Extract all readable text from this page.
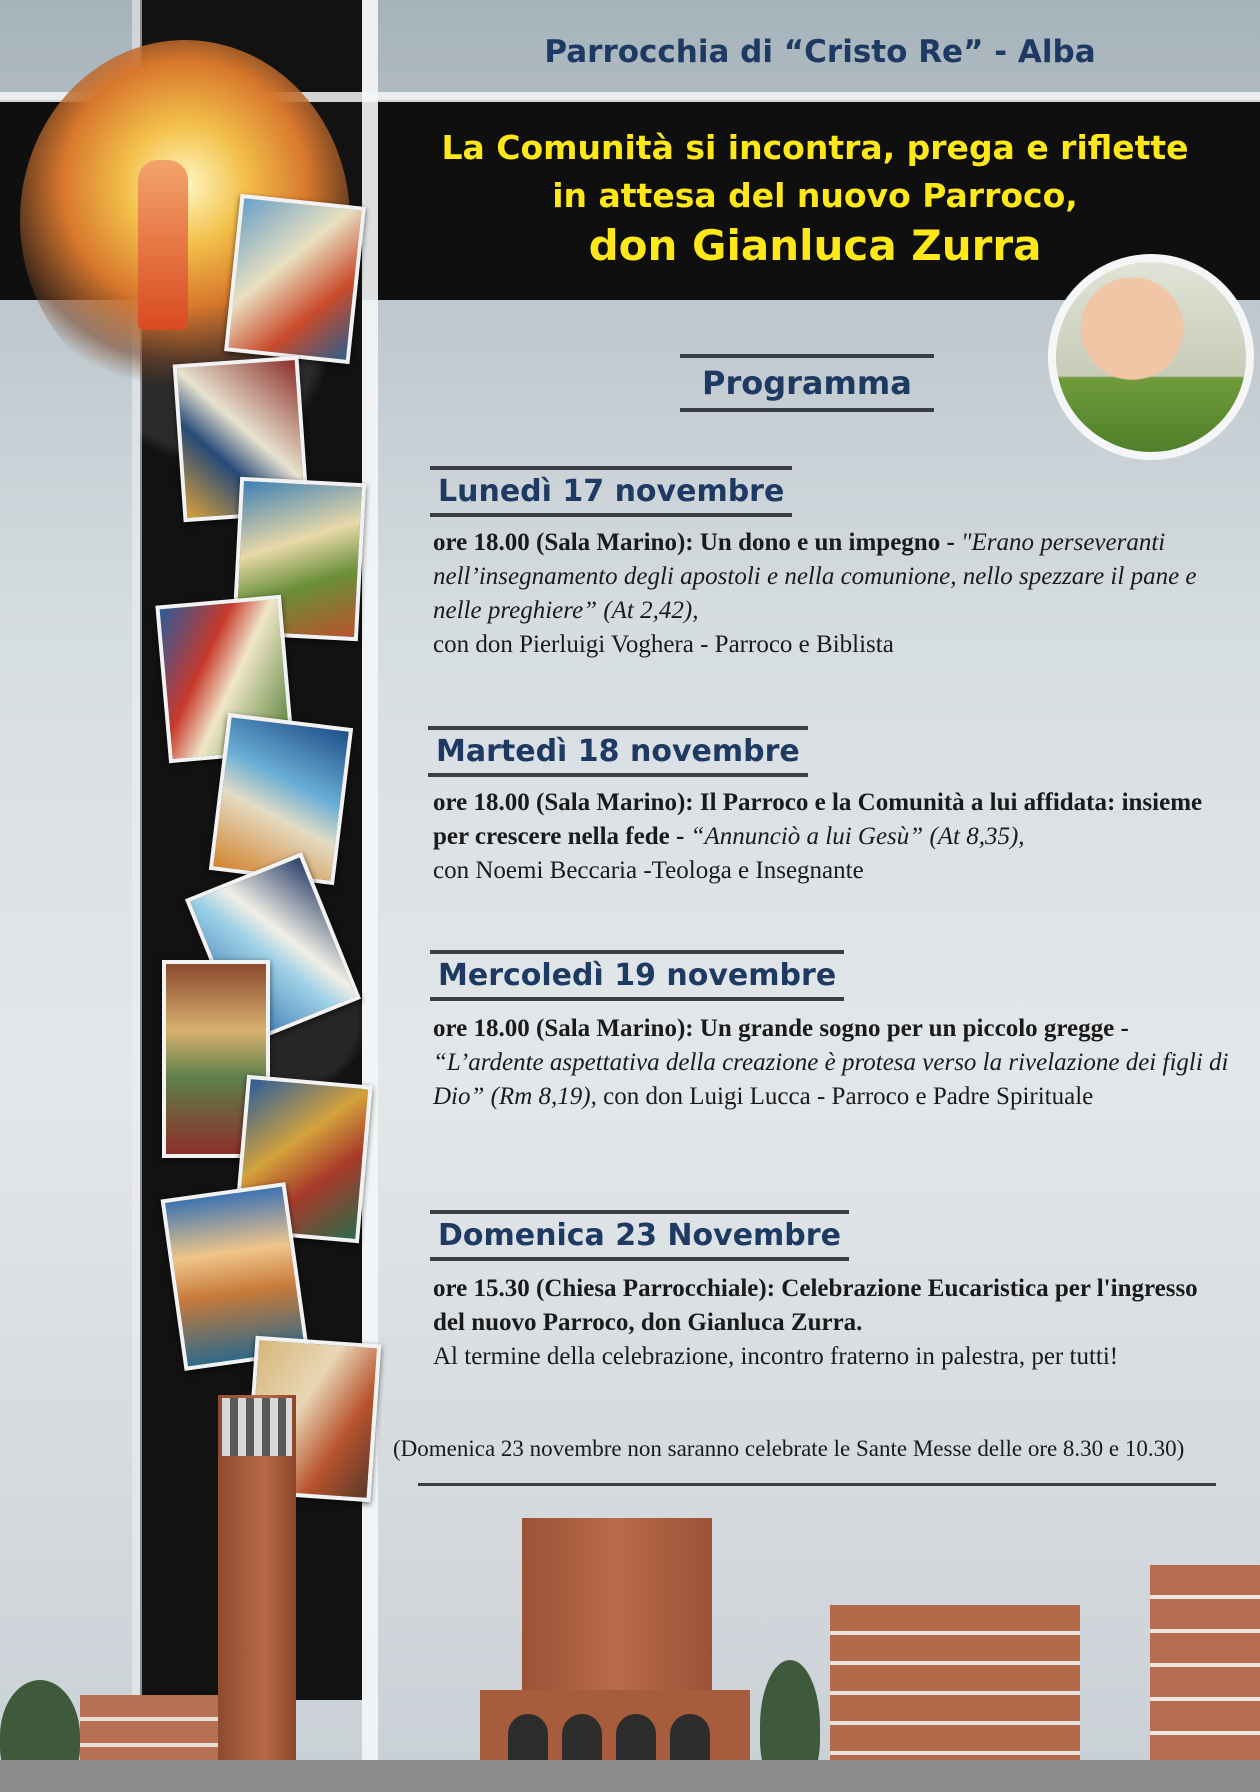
Parrocchia di “Cristo Re” - Alba
La Comunità si incontra, prega e riflette
in attesa del nuovo Parroco,
don Gianluca Zurra
Programma
Lunedì 17 novembre
ore 18.00 (Sala Marino): Un dono e un impegno - "Erano perseveranti nell’insegnamento degli apostoli e nella comunione, nello spezzare il pane e nelle preghiere” (At 2,42),
con don Pierluigi Voghera - Parroco e Biblista
Martedì 18 novembre
ore 18.00 (Sala Marino): Il Parroco e la Comunità a lui affidata: insieme per crescere nella fede - “Annunciò a lui Gesù” (At 8,35),
con Noemi Beccaria -Teologa e Insegnante
Mercoledì 19 novembre
ore 18.00 (Sala Marino): Un grande sogno per un piccolo gregge - “L’ardente aspettativa della creazione è protesa verso la rivelazione dei figli di Dio” (Rm 8,19), con don Luigi Lucca - Parroco e Padre Spirituale
Domenica 23 Novembre
ore 15.30 (Chiesa Parrocchiale): Celebrazione Eucaristica per l'ingresso del nuovo Parroco, don Gianluca Zurra.
Al termine della celebrazione, incontro fraterno in palestra, per tutti!
(Domenica 23 novembre non saranno celebrate le Sante Messe delle ore 8.30 e 10.30)
